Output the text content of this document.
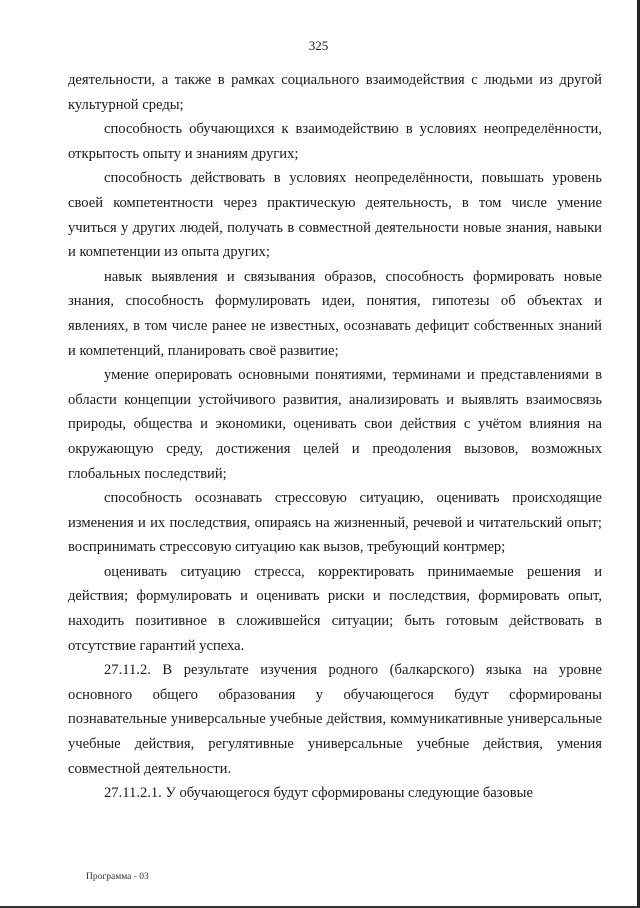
325

деятельности, а также в рамках социального взаимодействия с людьми из другой культурной среды;

способность обучающихся к взаимодействию в условиях неопределённости, открытость опыту и знаниям других;

способность действовать в условиях неопределённости, повышать уровень своей компетентности через практическую деятельность, в том числе умение учиться у других людей, получать в совместной деятельности новые знания, навыки и компетенции из опыта других;

навык выявления и связывания образов, способность формировать новые знания, способность формулировать идеи, понятия, гипотезы об объектах и явлениях, в том числе ранее не известных, осознавать дефицит собственных знаний и компетенций, планировать своё развитие;

умение оперировать основными понятиями, терминами и представлениями в области концепции устойчивого развития, анализировать и выявлять взаимосвязь природы, общества и экономики, оценивать свои действия с учётом влияния на окружающую среду, достижения целей и преодоления вызовов, возможных глобальных последствий;

способность осознавать стрессовую ситуацию, оценивать происходящие изменения и их последствия, опираясь на жизненный, речевой и читательский опыт; воспринимать стрессовую ситуацию как вызов, требующий контрмер;

оценивать ситуацию стресса, корректировать принимаемые решения и действия; формулировать и оценивать риски и последствия, формировать опыт, находить позитивное в сложившейся ситуации; быть готовым действовать в отсутствие гарантий успеха.

27.11.2. В результате изучения родного (балкарского) языка на уровне основного общего образования у обучающегося будут сформированы познавательные универсальные учебные действия, коммуникативные универсальные учебные действия, регулятивные универсальные учебные действия, умения совместной деятельности.

27.11.2.1. У обучающегося будут сформированы следующие базовые

Программа - 03
